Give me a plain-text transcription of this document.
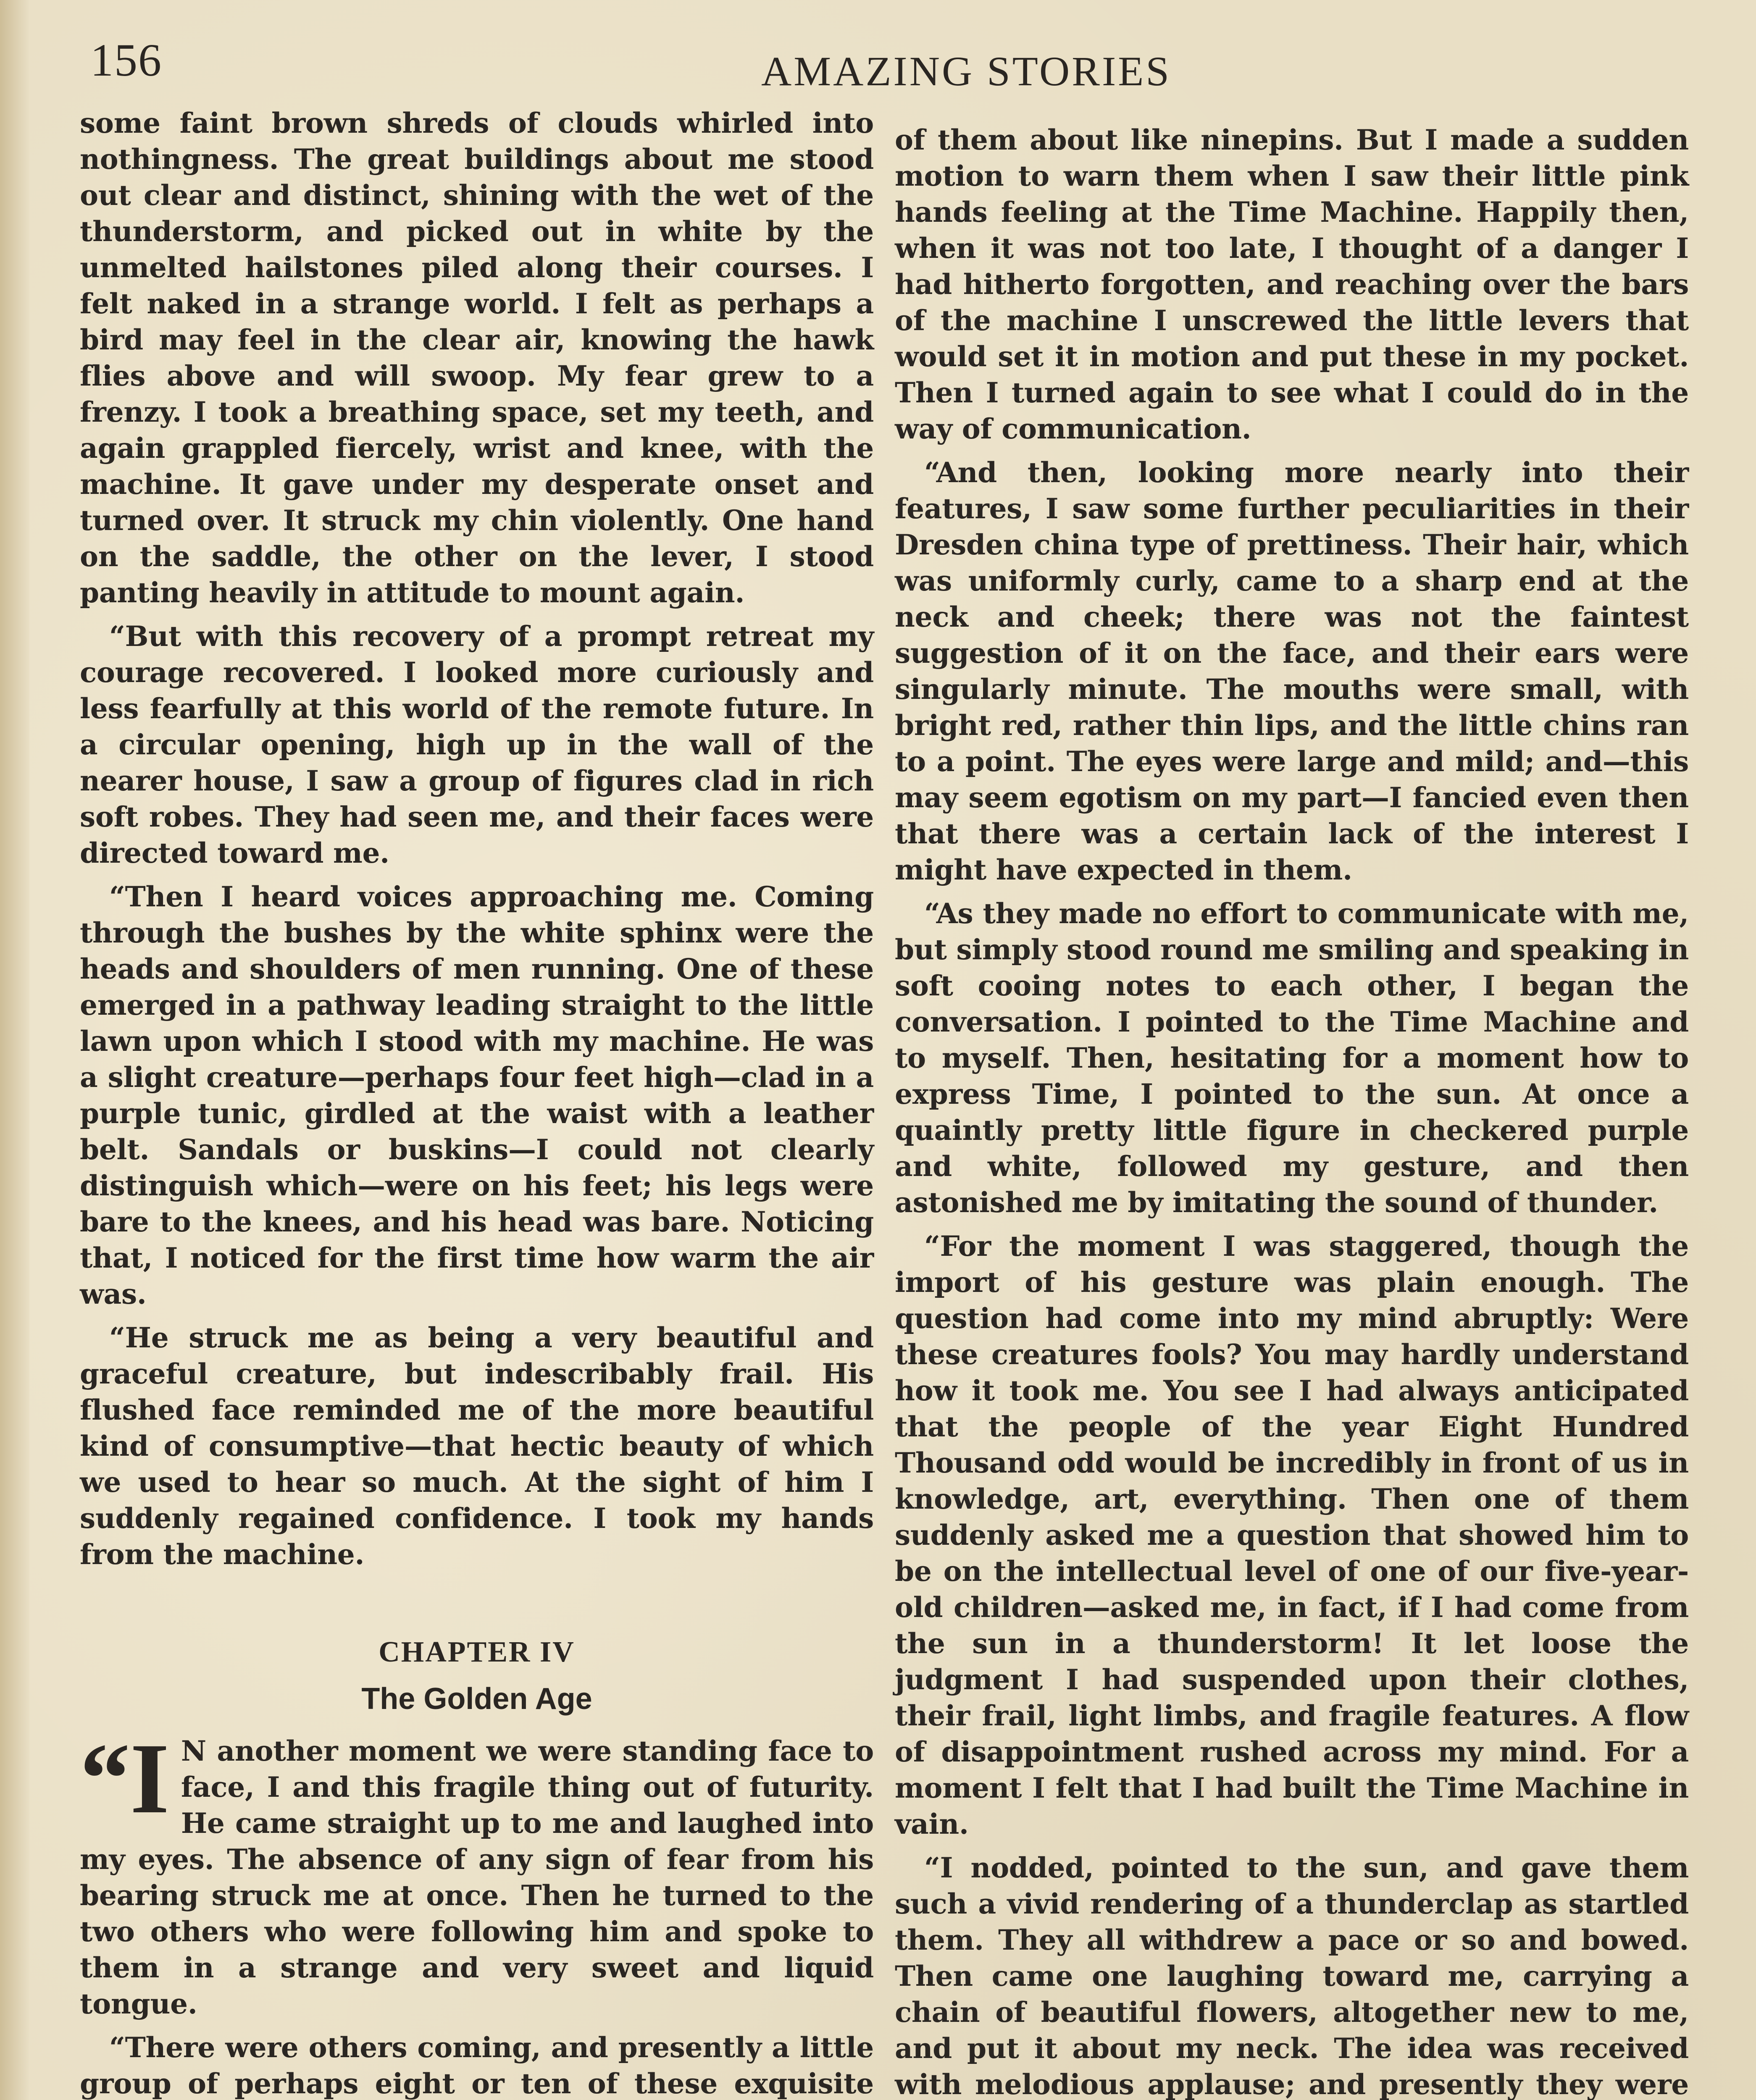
156	AMAZING STORIES

some faint brown shreds of clouds whirled into nothingness. The great buildings about me stood out clear and distinct, shining with the wet of the thunderstorm, and picked out in white by the unmelted hailstones piled along their courses. I felt naked in a strange world. I felt as perhaps a bird may feel in the clear air, knowing the hawk flies above and will swoop. My fear grew to a frenzy. I took a breathing space, set my teeth, and again grappled fiercely, wrist and knee, with the machine. It gave under my desperate onset and turned over. It struck my chin violently. One hand on the saddle, the other on the lever, I stood panting heavily in attitude to mount again.

“But with this recovery of a prompt retreat my courage recovered. I looked more curiously and less fearfully at this world of the remote future. In a circular opening, high up in the wall of the nearer house, I saw a group of figures clad in rich soft robes. They had seen me, and their faces were directed toward me.

“Then I heard voices approaching me. Coming through the bushes by the white sphinx were the heads and shoulders of men running. One of these emerged in a pathway leading straight to the little lawn upon which I stood with my machine. He was a slight creature—perhaps four feet high—clad in a purple tunic, girdled at the waist with a leather belt. Sandals or buskins—I could not clearly distinguish which—were on his feet; his legs were bare to the knees, and his head was bare. Noticing that, I noticed for the first time how warm the air was.

“He struck me as being a very beautiful and graceful creature, but indescribably frail. His flushed face reminded me of the more beautiful kind of consumptive—that hectic beauty of which we used to hear so much. At the sight of him I suddenly regained confidence. I took my hands from the machine.

CHAPTER IV
The Golden Age
“I N another moment we were standing face to face, I and this fragile thing out of futurity. He came straight up to me and laughed into my eyes. The absence of any sign of fear from his bearing struck me at once. Then he turned to the two others who were following him and spoke to them in a strange and very sweet and liquid tongue.

“There were others coming, and presently a little group of perhaps eight or ten of these exquisite

of them about like ninepins. But I made a sudden motion to warn them when I saw their little pink hands feeling at the Time Machine. Happily then, when it was not too late, I thought of a danger I had hitherto forgotten, and reaching over the bars of the machine I unscrewed the little levers that would set it in motion and put these in my pocket. Then I turned again to see what I could do in the way of communication.

“And then, looking more nearly into their features, I saw some further peculiarities in their Dresden china type of prettiness. Their hair, which was uniformly curly, came to a sharp end at the neck and cheek; there was not the faintest suggestion of it on the face, and their ears were singularly minute. The mouths were small, with bright red, rather thin lips, and the little chins ran to a point. The eyes were large and mild; and—this may seem egotism on my part—I fancied even then that there was a certain lack of the interest I might have expected in them.

“As they made no effort to communicate with me, but simply stood round me smiling and speaking in soft cooing notes to each other, I began the conversation. I pointed to the Time Machine and to myself. Then, hesitating for a moment how to express Time, I pointed to the sun. At once a quaintly pretty little figure in checkered purple and white, followed my gesture, and then astonished me by imitating the sound of thunder.

“For the moment I was staggered, though the import of his gesture was plain enough. The question had come into my mind abruptly: Were these creatures fools? You may hardly understand how it took me. You see I had always anticipated that the people of the year Eight Hundred Thousand odd would be incredibly in front of us in knowledge, art, everything. Then one of them suddenly asked me a question that showed him to be on the intellectual level of one of our five-year-old children—asked me, in fact, if I had come from the sun in a thunderstorm! It let loose the judgment I had suspended upon their clothes, their frail, light limbs, and fragile features. A flow of disappointment rushed across my mind. For a moment I felt that I had built the Time Machine in vain.

“I nodded, pointed to the sun, and gave them such a vivid rendering of a thunderclap as startled them. They all withdrew a pace or so and bowed. Then came one laughing toward me, carrying a chain of beautiful flowers, altogether new to me, and put it about my neck. The idea was received with melodious applause; and presently they were
